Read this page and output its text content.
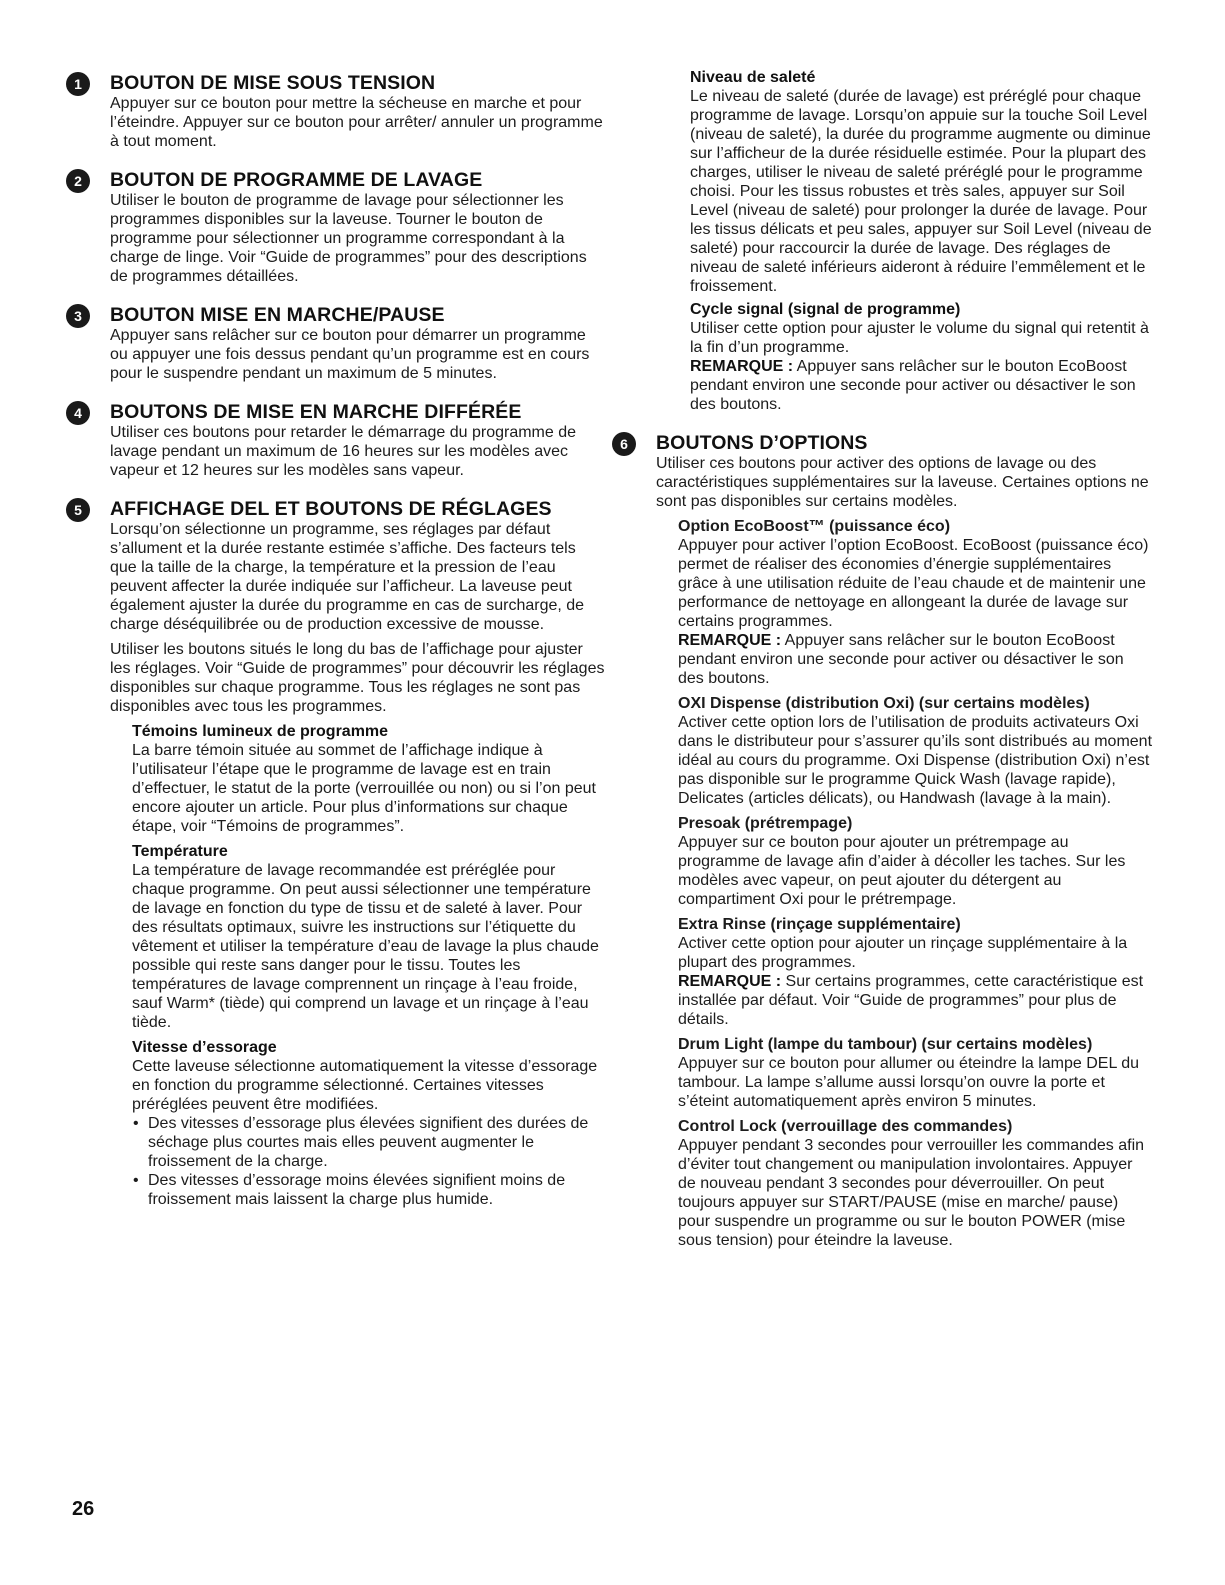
1	BOUTON DE MISE SOUS TENSION

Appuyer sur ce bouton pour mettre la sécheuse en marche et pour l’éteindre. Appuyer sur ce bouton pour arrêter/ annuler un programme à tout moment.

2	BOUTON DE PROGRAMME DE LAVAGE

Utiliser le bouton de programme de lavage pour sélectionner les programmes disponibles sur la laveuse. Tourner le bouton de programme pour sélectionner un programme correspondant à la charge de linge. Voir “Guide de programmes” pour des descriptions de programmes détaillées.

3	BOUTON MISE EN MARCHE/PAUSE

Appuyer sans relâcher sur ce bouton pour démarrer un programme ou appuyer une fois dessus pendant qu’un programme est en cours pour le suspendre pendant un maximum de 5 minutes.

4	BOUTONS DE MISE EN MARCHE DIFFÉRÉE

Utiliser ces boutons pour retarder le démarrage du programme de lavage pendant un maximum de 16 heures sur les modèles avec vapeur et 12 heures sur les modèles sans vapeur.

5	AFFICHAGE DEL ET BOUTONS DE RÉGLAGES

Lorsqu’on sélectionne un programme, ses réglages par défaut s’allument et la durée restante estimée s’affiche. Des facteurs tels que la taille de la charge, la température et la pression de l’eau peuvent affecter la durée indiquée sur l’afficheur. La laveuse peut également ajuster la durée du programme en cas de surcharge, de charge déséquilibrée ou de production excessive de mousse.

Utiliser les boutons situés le long du bas de l’affichage pour ajuster les réglages. Voir “Guide de programmes” pour découvrir les réglages disponibles sur chaque programme. Tous les réglages ne sont pas disponibles avec tous les programmes.

Témoins lumineux de programme

La barre témoin située au sommet de l’affichage indique à l’utilisateur l’étape que le programme de lavage est en train d’effectuer, le statut de la porte (verrouillée ou non) ou si l’on peut encore ajouter un article. Pour plus d’informations sur chaque étape, voir “Témoins de programmes”.

Température

La température de lavage recommandée est préréglée pour chaque programme. On peut aussi sélectionner une température de lavage en fonction du type de tissu et de saleté à laver. Pour des résultats optimaux, suivre les instructions sur l’étiquette du vêtement et utiliser la température d’eau de lavage la plus chaude possible qui reste sans danger pour le tissu. Toutes les températures de lavage comprennent un rinçage à l’eau froide, sauf Warm* (tiède) qui comprend un lavage et un rinçage à l’eau tiède.

Vitesse d’essorage

Cette laveuse sélectionne automatiquement la vitesse d’essorage en fonction du programme sélectionné. Certaines vitesses préréglées peuvent être modifiées.

• Des vitesses d’essorage plus élevées signifient des durées de séchage plus courtes mais elles peuvent augmenter le froissement de la charge.
• Des vitesses d’essorage moins élevées signifient moins de froissement mais laissent la charge plus humide.

Niveau de saleté

Le niveau de saleté (durée de lavage) est préréglé pour chaque programme de lavage. Lorsqu’on appuie sur la touche Soil Level (niveau de saleté), la durée du programme augmente ou diminue sur l’afficheur de la durée résiduelle estimée. Pour la plupart des charges, utiliser le niveau de saleté préréglé pour le programme choisi. Pour les tissus robustes et très sales, appuyer sur Soil Level (niveau de saleté) pour prolonger la durée de lavage. Pour les tissus délicats et peu sales, appuyer sur Soil Level (niveau de saleté) pour raccourcir la durée de lavage. Des réglages de niveau de saleté inférieurs aideront à réduire l’emmêlement et le froissement.

Cycle signal (signal de programme)

Utiliser cette option pour ajuster le volume du signal qui retentit à la fin d’un programme.

REMARQUE : Appuyer sans relâcher sur le bouton EcoBoost pendant environ une seconde pour activer ou désactiver le son des boutons.

6	BOUTONS D’OPTIONS

Utiliser ces boutons pour activer des options de lavage ou des caractéristiques supplémentaires sur la laveuse. Certaines options ne sont pas disponibles sur certains modèles.

Option EcoBoost™ (puissance éco)

Appuyer pour activer l’option EcoBoost. EcoBoost (puissance éco) permet de réaliser des économies d’énergie supplémentaires grâce à une utilisation réduite de l’eau chaude et de maintenir une performance de nettoyage en allongeant la durée de lavage sur certains programmes.

REMARQUE : Appuyer sans relâcher sur le bouton EcoBoost pendant environ une seconde pour activer ou désactiver le son des boutons.

OXI Dispense (distribution Oxi) (sur certains modèles)

Activer cette option lors de l’utilisation de produits activateurs Oxi dans le distributeur pour s’assurer qu’ils sont distribués au moment idéal au cours du programme. Oxi Dispense (distribution Oxi) n’est pas disponible sur le programme Quick Wash (lavage rapide), Delicates (articles délicats), ou Handwash (lavage à la main).

Presoak (prétrempage)

Appuyer sur ce bouton pour ajouter un prétrempage au programme de lavage afin d’aider à décoller les taches. Sur les modèles avec vapeur, on peut ajouter du détergent au compartiment Oxi pour le prétrempage.

Extra Rinse (rinçage supplémentaire)

Activer cette option pour ajouter un rinçage supplémentaire à la plupart des programmes.

REMARQUE : Sur certains programmes, cette caractéristique est installée par défaut. Voir “Guide de programmes” pour plus de détails.

Drum Light (lampe du tambour) (sur certains modèles)

Appuyer sur ce bouton pour allumer ou éteindre la lampe DEL du tambour. La lampe s’allume aussi lorsqu’on ouvre la porte et s’éteint automatiquement après environ 5 minutes.

Control Lock (verrouillage des commandes)

Appuyer pendant 3 secondes pour verrouiller les commandes afin d’éviter tout changement ou manipulation involontaires. Appuyer de nouveau pendant 3 secondes pour déverrouiller. On peut toujours appuyer sur START/PAUSE (mise en marche/ pause) pour suspendre un programme ou sur le bouton POWER (mise sous tension) pour éteindre la laveuse.

26
